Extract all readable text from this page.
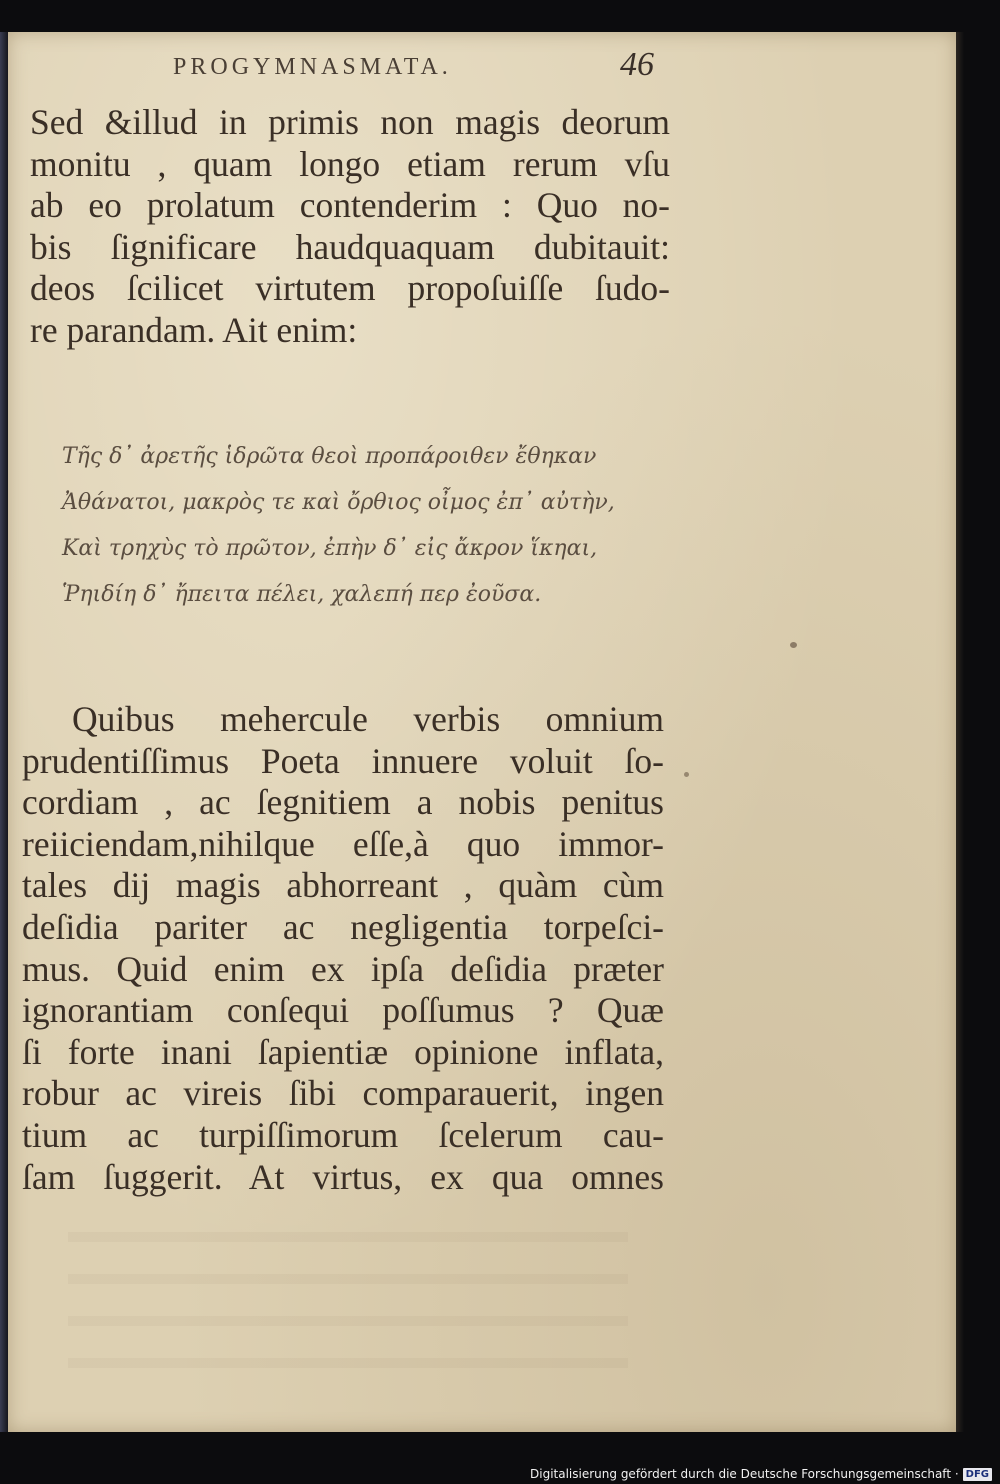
PROGYMNASMATA.	46

Sed &illud in primis non magis deorum
monitu , quam longo etiam rerum vſu
ab eo prolatum contenderim : Quo no-
bis ſignificare haudquaquam dubitauit:
deos ſcilicet virtutem propoſuiſſe ſudo-
re parandam. Ait enim:

Τῆς δ᾽ ἀρετῆς ἱδρῶτα θεοὶ προπάροιθεν ἔθηκαν
Ἀθάνατοι, μακρὸς τε καὶ ὄρθιος οἶμος ἐπ᾽ αὐτὴν,
Καὶ τρηχὺς τὸ πρῶτον, ἐπὴν δ᾽ εἰς ἄκρον ἵκηαι,
Ῥηιδίη δ᾽ ἤπειτα πέλει, χαλεπή περ ἐοῦσα.

Quibus mehercule verbis omnium
prudentiſſimus Poeta innuere voluit ſo-
cordiam , ac ſegnitiem a nobis penitus
reiiciendam,nihilque eſſe,à quo immor-
tales dij magis abhorreant , quàm cùm
deſidia pariter ac negligentia torpeſci-
mus. Quid enim ex ipſa deſidia præter
ignorantiam conſequi poſſumus ? Quæ
ſi forte inani ſapientiæ opinione inflata,
robur ac vireis ſibi comparauerit, ingen
tium ac turpiſſimorum ſcelerum cau-
ſam ſuggerit. At virtus, ex qua omnes

Digitalisierung gefördert durch die Deutsche Forschungsgemeinschaft · DFG
